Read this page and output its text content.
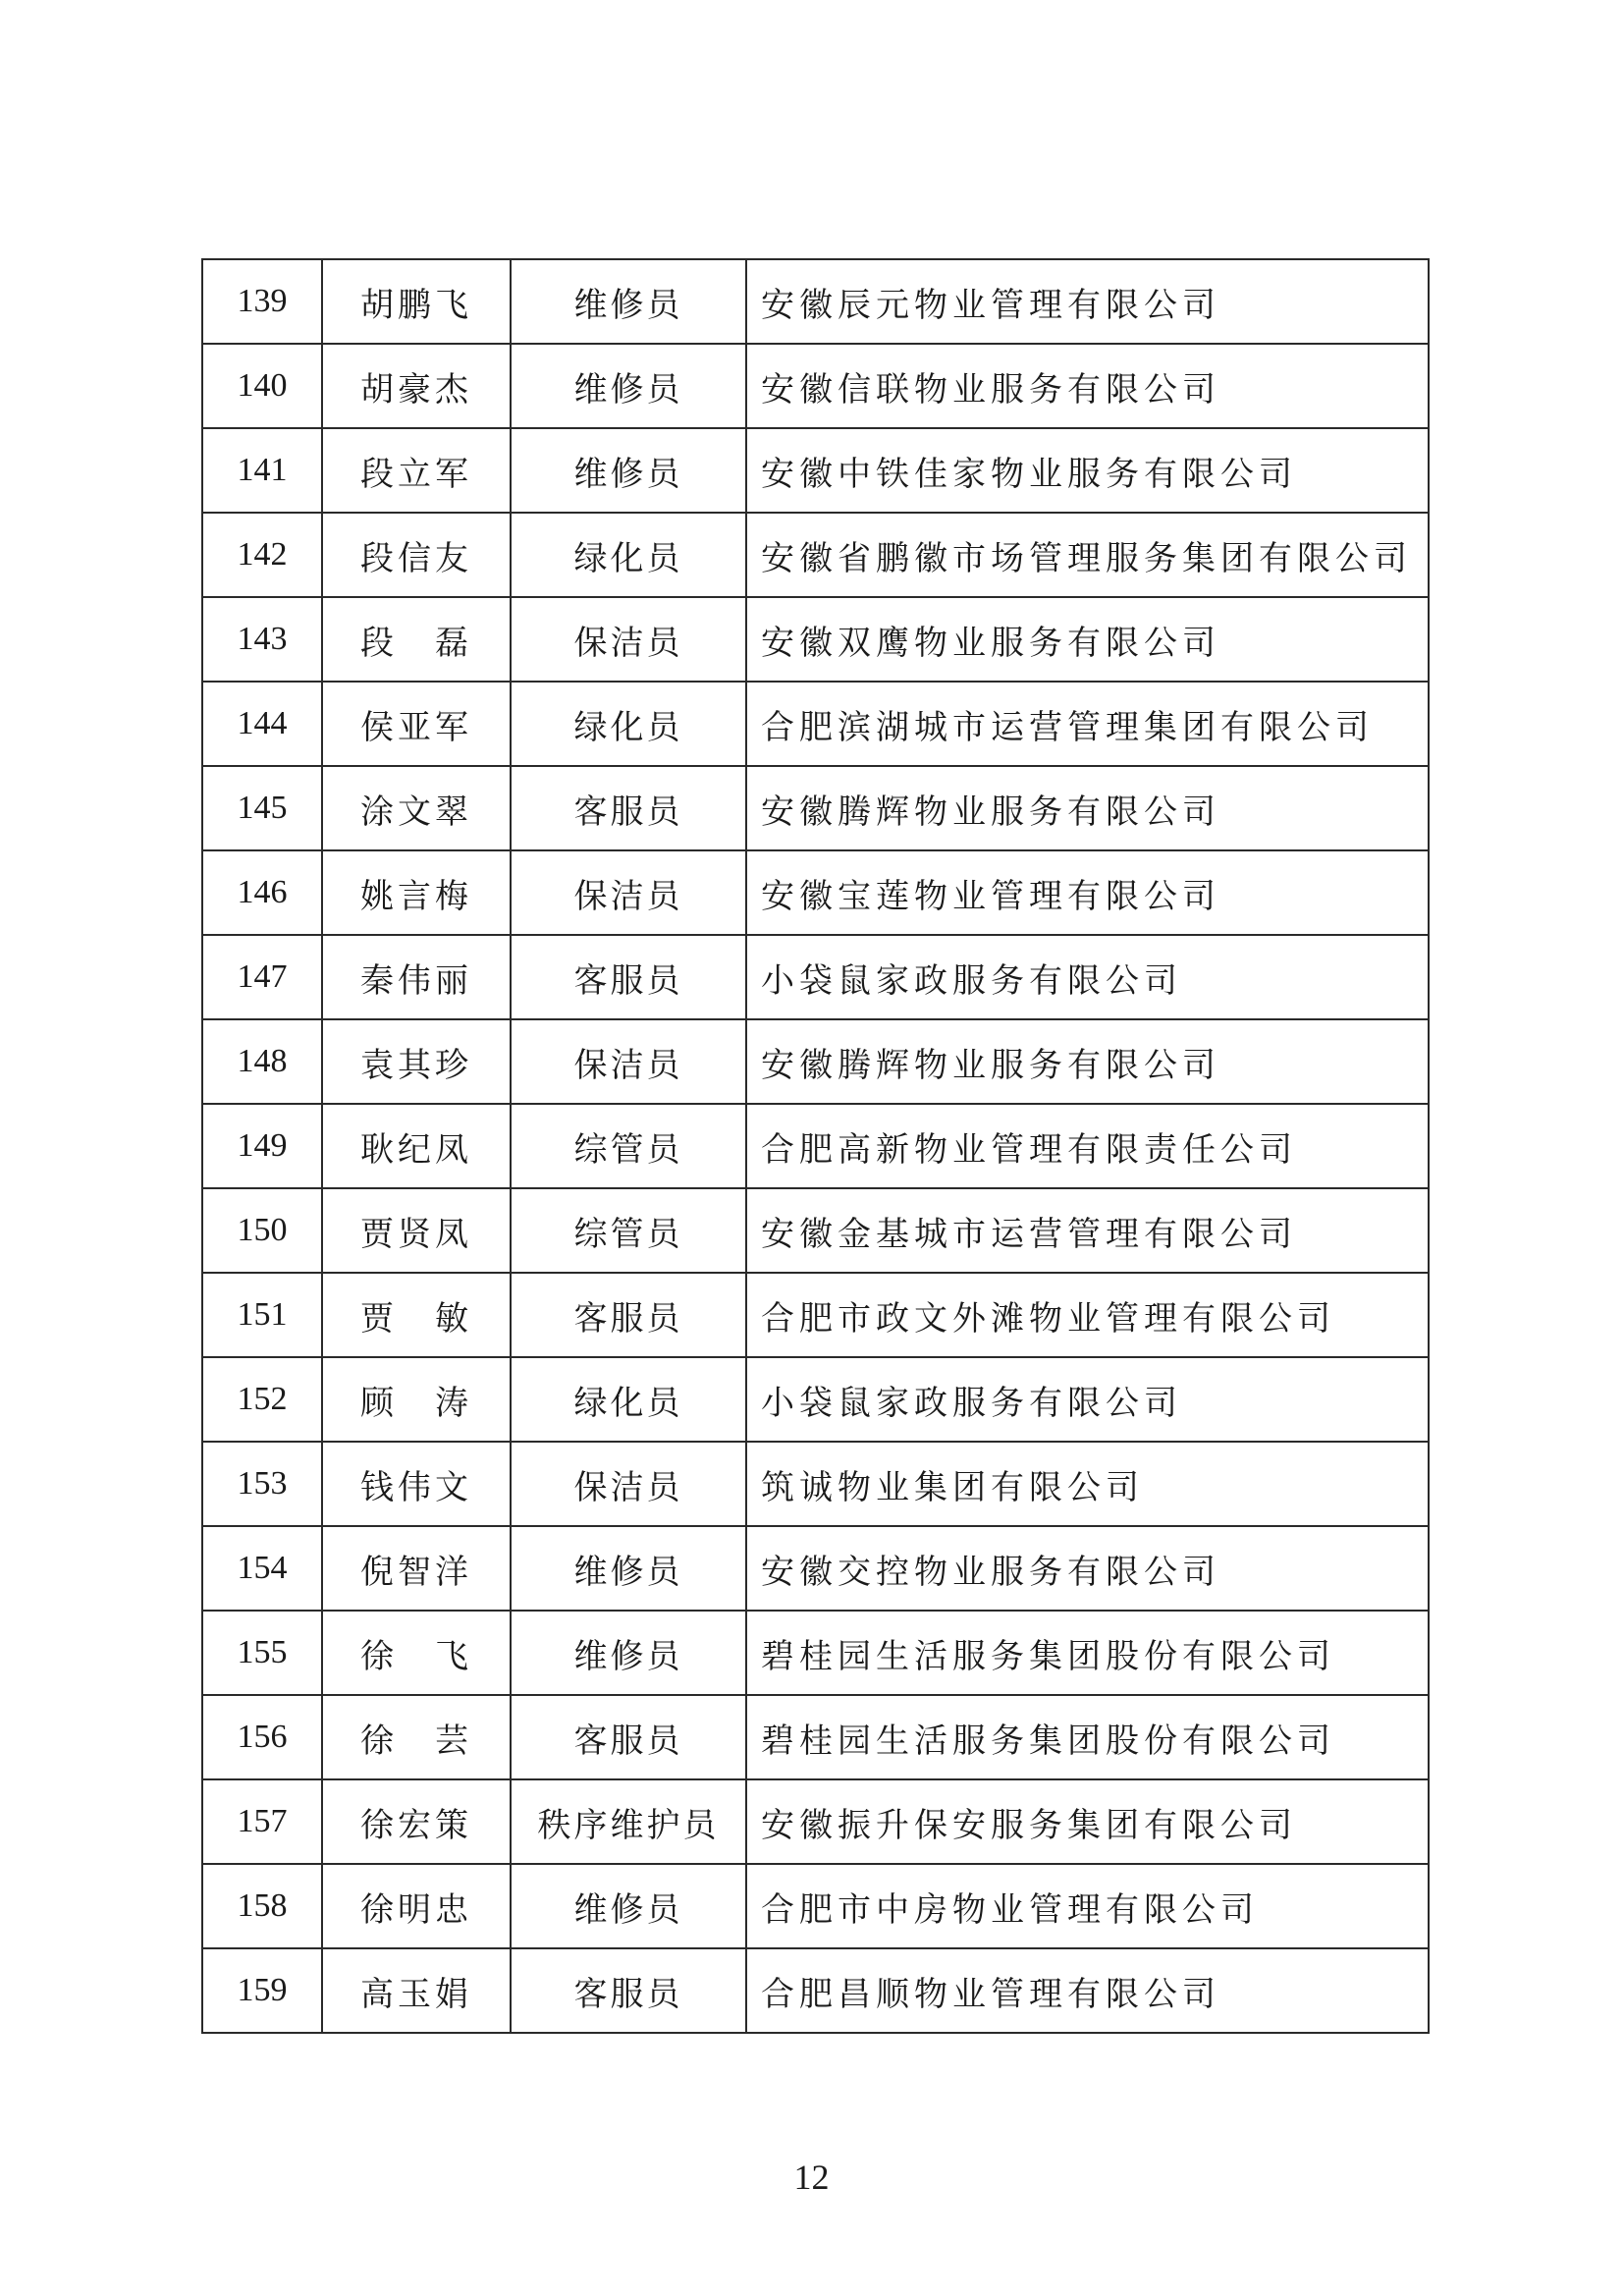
139	胡鹏飞	维修员	安徽辰元物业管理有限公司
140	胡豪杰	维修员	安徽信联物业服务有限公司
141	段立军	维修员	安徽中铁佳家物业服务有限公司
142	段信友	绿化员	安徽省鹏徽市场管理服务集团有限公司
143	段　磊	保洁员	安徽双鹰物业服务有限公司
144	侯亚军	绿化员	合肥滨湖城市运营管理集团有限公司
145	涂文翠	客服员	安徽腾辉物业服务有限公司
146	姚言梅	保洁员	安徽宝莲物业管理有限公司
147	秦伟丽	客服员	小袋鼠家政服务有限公司
148	袁其珍	保洁员	安徽腾辉物业服务有限公司
149	耿纪凤	综管员	合肥高新物业管理有限责任公司
150	贾贤凤	综管员	安徽金基城市运营管理有限公司
151	贾　敏	客服员	合肥市政文外滩物业管理有限公司
152	顾　涛	绿化员	小袋鼠家政服务有限公司
153	钱伟文	保洁员	筑诚物业集团有限公司
154	倪智洋	维修员	安徽交控物业服务有限公司
155	徐　飞	维修员	碧桂园生活服务集团股份有限公司
156	徐　芸	客服员	碧桂园生活服务集团股份有限公司
157	徐宏策	秩序维护员	安徽振升保安服务集团有限公司
158	徐明忠	维修员	合肥市中房物业管理有限公司
159	高玉娟	客服员	合肥昌顺物业管理有限公司
12
